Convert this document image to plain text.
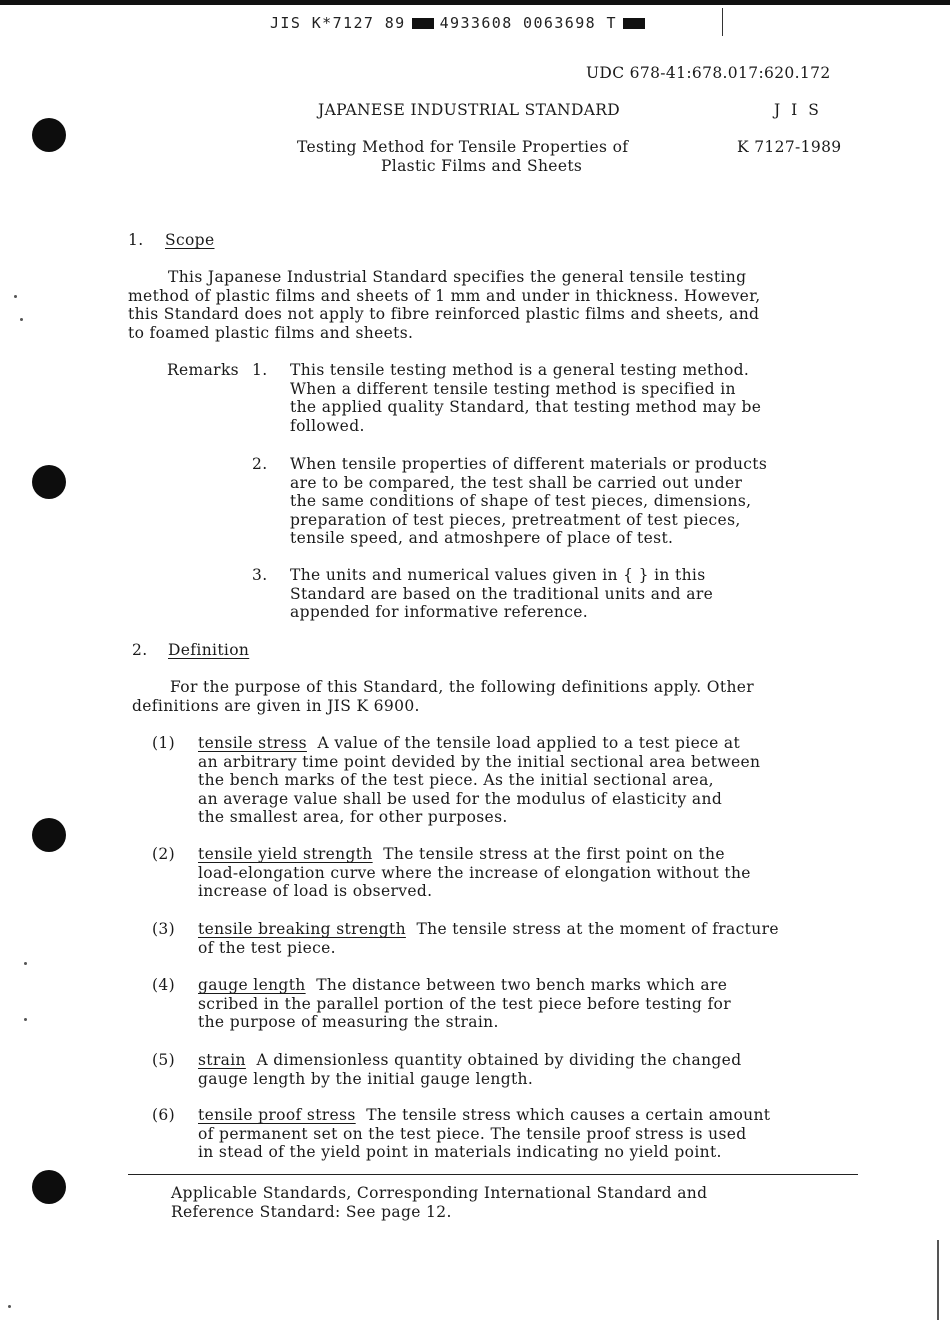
JIS K*7127 89 4933608 0063698 T
UDC 678-41:678.017:620.172
JAPANESE INDUSTRIAL STANDARD	J I S
Testing Method for Tensile Properties of
Plastic Films and Sheets
K 7127-1989
1. Scope

This Japanese Industrial Standard specifies the general tensile testing

method of plastic films and sheets of 1 mm and under in thickness. However,

this Standard does not apply to fibre reinforced plastic films and sheets, and

to foamed plastic films and sheets.

Remarks 1. This tensile testing method is a general testing method.

When a different tensile testing method is specified in

the applied quality Standard, that testing method may be

followed.

2. When tensile properties of different materials or products

are to be compared, the test shall be carried out under

the same conditions of shape of test pieces, dimensions,

preparation of test pieces, pretreatment of test pieces,

tensile speed, and atmoshpere of place of test.

3. The units and numerical values given in { } in this

Standard are based on the traditional units and are

appended for informative reference.

2. Definition

For the purpose of this Standard, the following definitions apply. Other

definitions are given in JIS K 6900.

(1) tensile stress A value of the tensile load applied to a test piece at

an arbitrary time point devided by the initial sectional area between

the bench marks of the test piece. As the initial sectional area,

an average value shall be used for the modulus of elasticity and

the smallest area, for other purposes.

(2) tensile yield strength The tensile stress at the first point on the

load-elongation curve where the increase of elongation without the

increase of load is observed.

(3) tensile breaking strength The tensile stress at the moment of fracture

of the test piece.

(4) gauge length The distance between two bench marks which are

scribed in the parallel portion of the test piece before testing for

the purpose of measuring the strain.

(5) strain A dimensionless quantity obtained by dividing the changed

gauge length by the initial gauge length.

(6) tensile proof stress The tensile stress which causes a certain amount

of permanent set on the test piece. The tensile proof stress is used

in stead of the yield point in materials indicating no yield point.

Applicable Standards, Corresponding International Standard and

Reference Standard: See page 12.
